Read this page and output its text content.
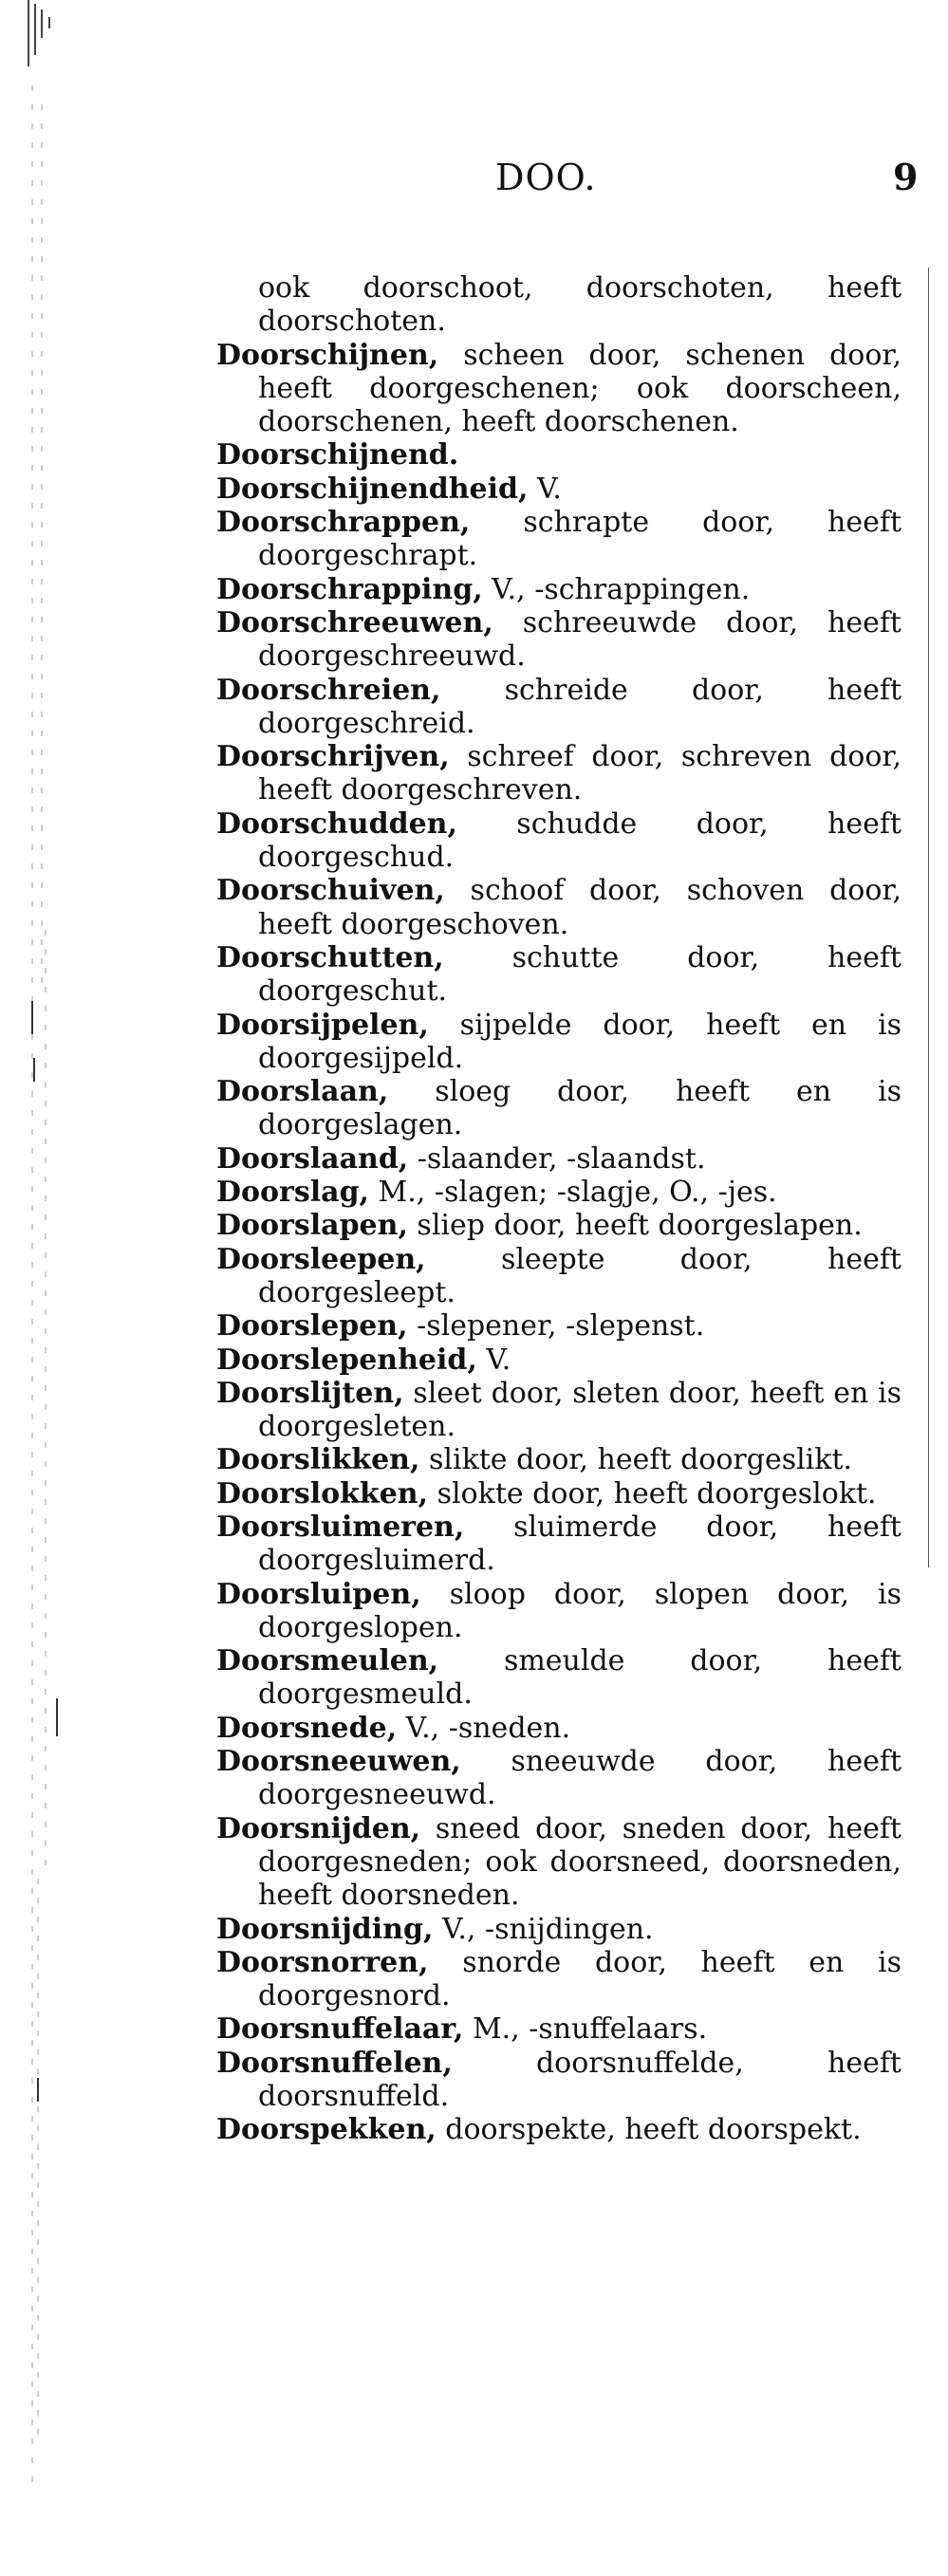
DOO.	9

ook doorschoot, doorschoten, heeft doorschoten.

Doorschijnen, scheen door, schenen door, heeft doorgeschenen; ook doorscheen, doorschenen, heeft doorschenen.

Doorschijnend.

Doorschijnendheid, V.

Doorschrappen, schrapte door, heeft doorgeschrapt.

Doorschrapping, V., -schrappingen.

Doorschreeuwen, schreeuwde door, heeft doorgeschreeuwd.

Doorschreien, schreide door, heeft doorgeschreid.

Doorschrijven, schreef door, schreven door, heeft doorgeschreven.

Doorschudden, schudde door, heeft doorgeschud.

Doorschuiven, schoof door, schoven door, heeft doorgeschoven.

Doorschutten, schutte door, heeft doorgeschut.

Doorsijpelen, sijpelde door, heeft en is doorgesijpeld.

Doorslaan, sloeg door, heeft en is doorgeslagen.

Doorslaand, -slaander, -slaandst.

Doorslag, M., -slagen; -slagje, O., -jes.

Doorslapen, sliep door, heeft doorgeslapen.

Doorsleepen, sleepte door, heeft doorgesleept.

Doorslepen, -slepener, -slepenst.

Doorslepenheid, V.

Doorslijten, sleet door, sleten door, heeft en is doorgesleten.

Doorslikken, slikte door, heeft doorgeslikt.

Doorslokken, slokte door, heeft doorgeslokt.

Doorsluimeren, sluimerde door, heeft doorgesluimerd.

Doorsluipen, sloop door, slopen door, is doorgeslopen.

Doorsmeulen, smeulde door, heeft doorgesmeuld.

Doorsnede, V., -sneden.

Doorsneeuwen, sneeuwde door, heeft doorgesneeuwd.

Doorsnijden, sneed door, sneden door, heeft doorgesneden; ook doorsneed, doorsneden, heeft doorsneden.

Doorsnijding, V., -snijdingen.

Doorsnorren, snorde door, heeft en is doorgesnord.

Doorsnuffelaar, M., -snuffelaars.

Doorsnuffelen, doorsnuffelde, heeft doorsnuffeld.

Doorspekken, doorspekte, heeft doorspekt.
